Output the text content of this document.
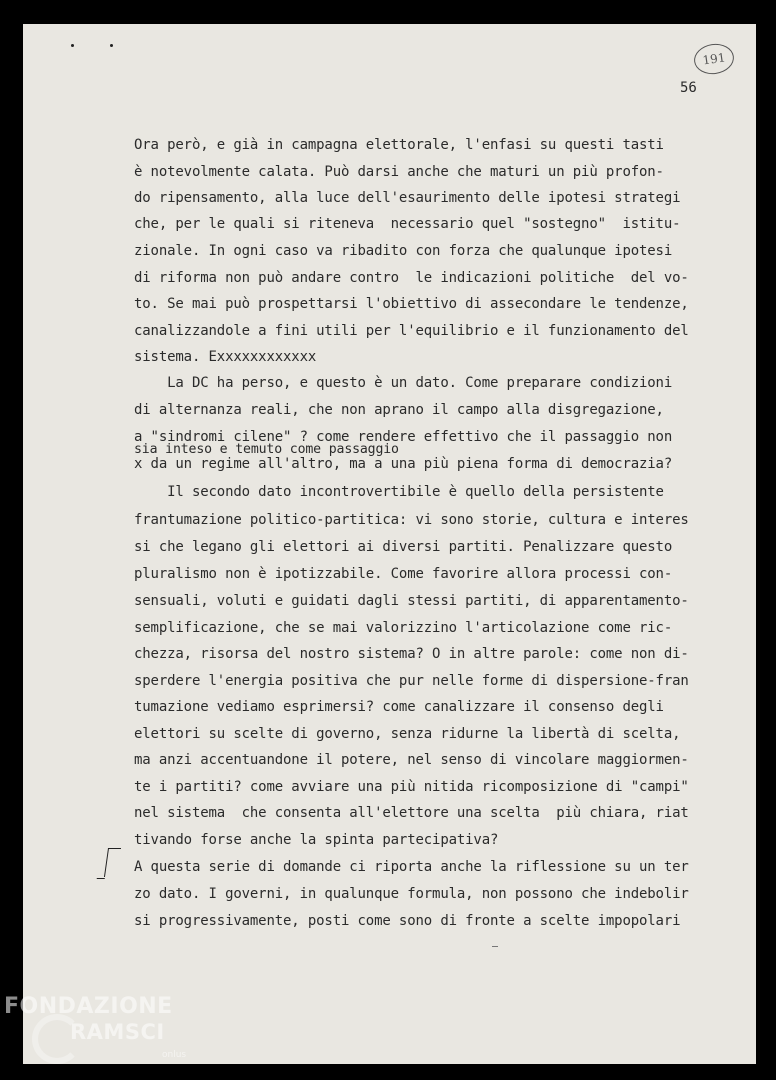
191
56
Ora però, e già in campagna elettorale, l'enfasi su questi tasti
è notevolmente calata. Può darsi anche che maturi un più profon-
do ripensamento, alla luce dell'esaurimento delle ipotesi strategi
che, per le quali si riteneva  necessario quel "sostegno"  istitu-
zionale. In ogni caso va ribadito con forza che qualunque ipotesi
di riforma non può andare contro  le indicazioni politiche  del vo-
to. Se mai può prospettarsi l'obiettivo di assecondare le tendenze,
canalizzandole a fini utili per l'equilibrio e il funzionamento del
sistema. Exxxxxxxxxxxx
La DC ha perso, e questo è un dato. Come preparare condizioni
di alternanza reali, che non aprano il campo alla disgregazione,
a "sindromi cilene" ? come rendere effettivo che il passaggio non
sia inteso e temuto come passaggio
x da un regime all'altro, ma a una più piena forma di democrazia?
Il secondo dato incontrovertibile è quello della persistente
frantumazione politico-partitica: vi sono storie, cultura e interes
si che legano gli elettori ai diversi partiti. Penalizzare questo
pluralismo non è ipotizzabile. Come favorire allora processi con-
sensuali, voluti e guidati dagli stessi partiti, di apparentamento-
semplificazione, che se mai valorizzino l'articolazione come ric-
chezza, risorsa del nostro sistema? O in altre parole: come non di-
sperdere l'energia positiva che pur nelle forme di dispersione-fran
tumazione vediamo esprimersi? come canalizzare il consenso degli
elettori su scelte di governo, senza ridurne la libertà di scelta,
ma anzi accentuandone il potere, nel senso di vincolare maggiormen-
te i partiti? come avviare una più nitida ricomposizione di "campi"
nel sistema  che consenta all'elettore una scelta  più chiara, riat
tivando forse anche la spinta partecipativa?
A questa serie di domande ci riporta anche la riflessione su un ter
zo dato. I governi, in qualunque formula, non possono che indebolir
si progressivamente, posti come sono di fronte a scelte impopolari
FONDAZIONE
RAMSCI
onlus
